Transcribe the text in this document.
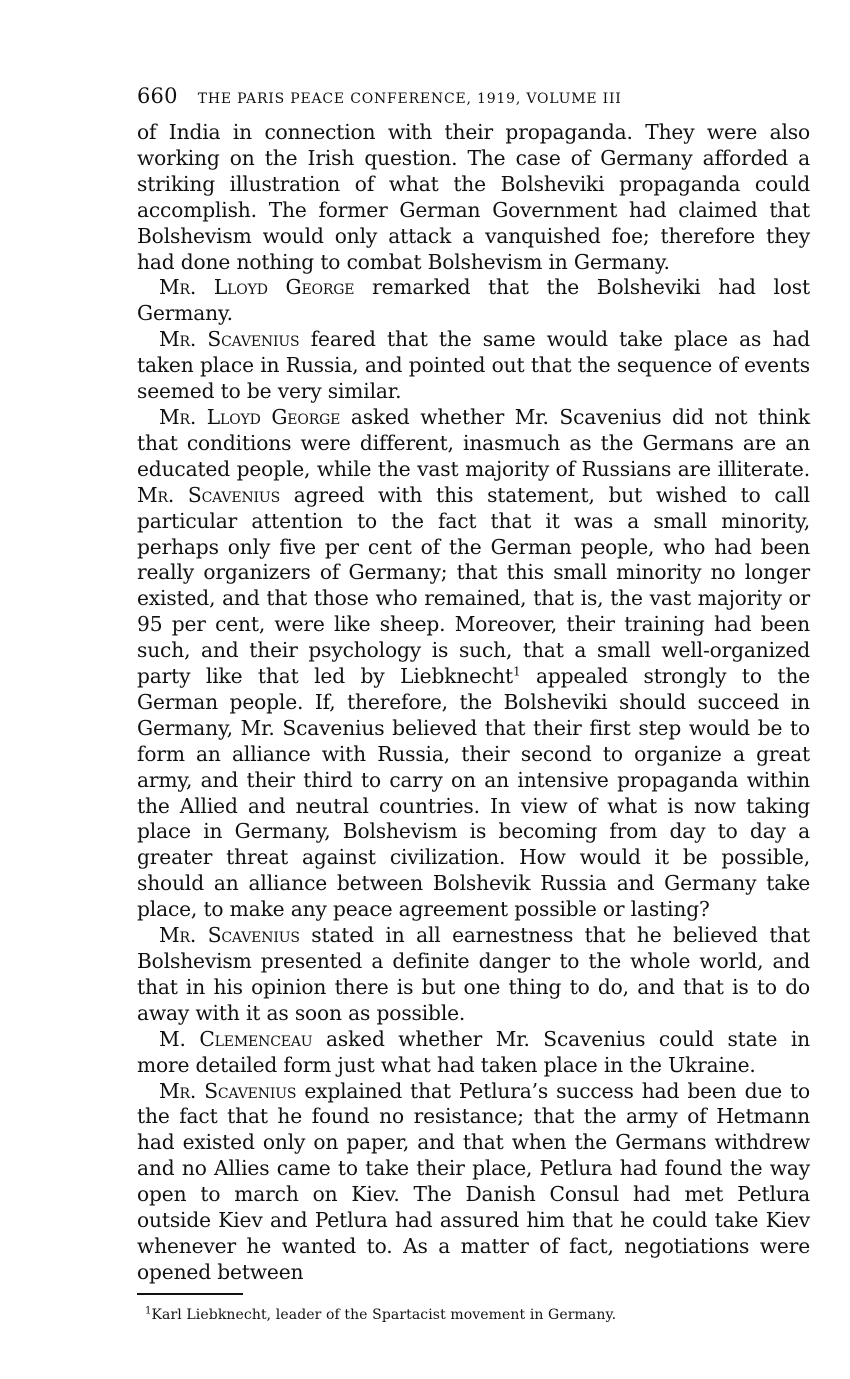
660 THE PARIS PEACE CONFERENCE, 1919, VOLUME III

of India in connection with their propaganda. They were also working on the Irish question. The case of Germany afforded a striking illustration of what the Bolsheviki propaganda could accomplish. The former German Government had claimed that Bolshevism would only attack a vanquished foe; therefore they had done nothing to combat Bolshevism in Germany.

Mr. Lloyd George remarked that the Bolsheviki had lost Germany.

Mr. Scavenius feared that the same would take place as had taken place in Russia, and pointed out that the sequence of events seemed to be very similar.

Mr. Lloyd George asked whether Mr. Scavenius did not think that conditions were different, inasmuch as the Germans are an educated people, while the vast majority of Russians are illiterate. Mr. Scavenius agreed with this statement, but wished to call particular attention to the fact that it was a small minority, perhaps only five per cent of the German people, who had been really organizers of Germany; that this small minority no longer existed, and that those who remained, that is, the vast majority or 95 per cent, were like sheep. Moreover, their training had been such, and their psychology is such, that a small well-organized party like that led by Liebknecht$^1$ appealed strongly to the German people. If, therefore, the Bolsheviki should succeed in Germany, Mr. Scavenius believed that their first step would be to form an alliance with Russia, their second to organize a great army, and their third to carry on an intensive propaganda within the Allied and neutral countries. In view of what is now taking place in Germany, Bolshevism is becoming from day to day a greater threat against civilization. How would it be possible, should an alliance between Bolshevik Russia and Germany take place, to make any peace agreement possible or lasting?

Mr. Scavenius stated in all earnestness that he believed that Bolshevism presented a definite danger to the whole world, and that in his opinion there is but one thing to do, and that is to do away with it as soon as possible.

M. Clemenceau asked whether Mr. Scavenius could state in more detailed form just what had taken place in the Ukraine.

Mr. Scavenius explained that Petlura’s success had been due to the fact that he found no resistance; that the army of Hetmann had existed only on paper, and that when the Germans withdrew and no Allies came to take their place, Petlura had found the way open to march on Kiev. The Danish Consul had met Petlura outside Kiev and Petlura had assured him that he could take Kiev whenever he wanted to. As a matter of fact, negotiations were opened between

$^1$Karl Liebknecht, leader of the Spartacist movement in Germany.
